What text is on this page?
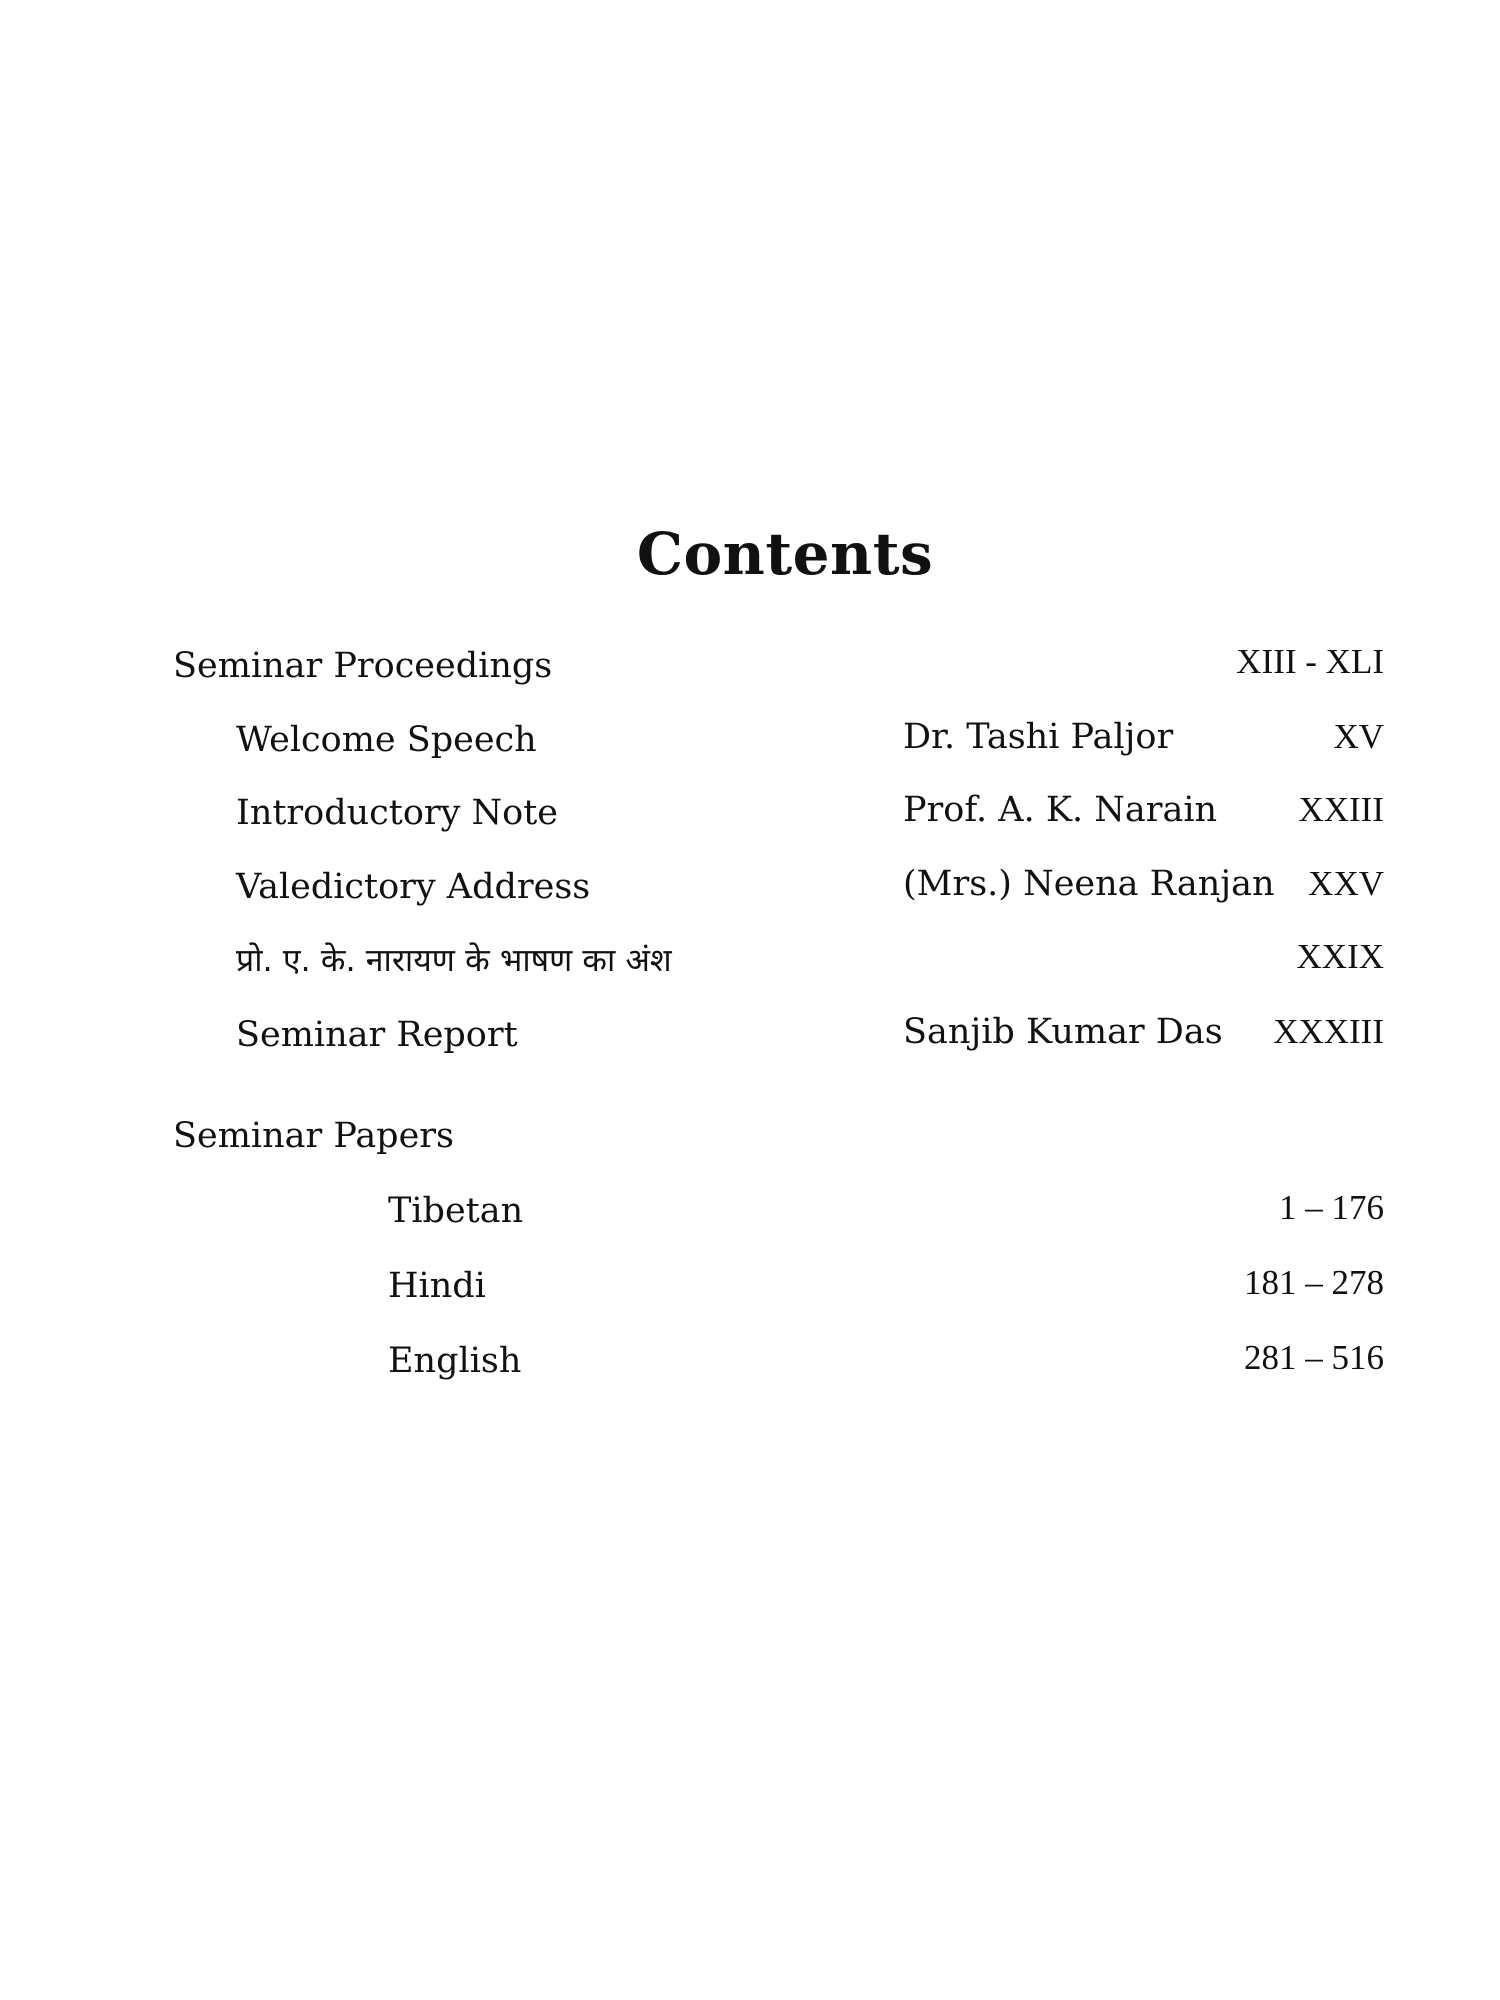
Contents
Seminar Proceedings	XIII - XLI
Welcome Speech	Dr. Tashi Paljor	XV
Introductory Note	Prof. A. K. Narain XXIII
Valedictory Address	(Mrs.) Neena Ranjan XXV
प्रो. ए. के. नारायण के भाषण का अंश	XXIX
Seminar Report	Sanjib Kumar Das XXXIII
Seminar Papers
Tibetan	1 – 176
Hindi	181 – 278
English	281 – 516
